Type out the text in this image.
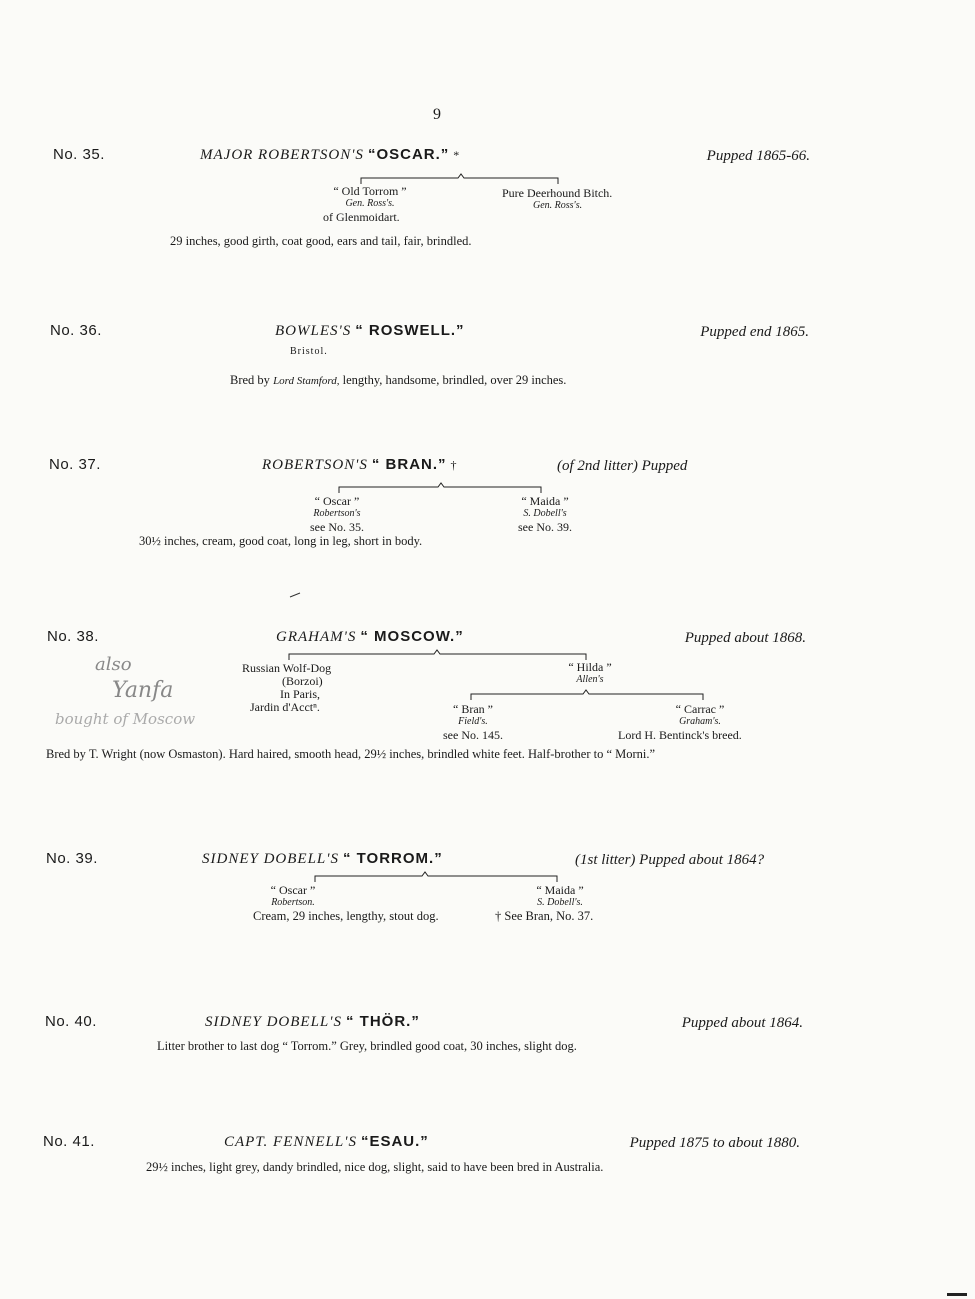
9
No. 35.	MAJOR ROBERTSON'S “OSCAR.” *	Pupped 1865-66.
“ Old Torrom ”
Gen. Ross's.
of Glenmoidart.
Pure Deerhound Bitch.
Gen. Ross's.
29 inches, good girth, coat good, ears and tail, fair, brindled.
No. 36.	BOWLES'S “ ROSWELL.”	Pupped end 1865.
Bristol.
Bred by Lord Stamford, lengthy, handsome, brindled, over 29 inches.
No. 37.	ROBERTSON'S “ BRAN.” †	(of 2nd litter) Pupped
“ Oscar ”
Robertson's
see No. 35.
“ Maida ”
S. Dobell's
see No. 39.
30½ inches, cream, good coat, long in leg, short in body.
No. 38.	GRAHAM'S “ MOSCOW.”	Pupped about 1868.
Russian Wolf-Dog
(Borzoi)
In Paris,
Jardin d'Acctⁿ.
“ Hilda ”
Allen's
“ Bran ”
Field's.
see No. 145.
“ Carrac ”
Graham's.
Lord H. Bentinck's breed.
Bred by T. Wright (now Osmaston). Hard haired, smooth head, 29½ inches, brindled white feet. Half-brother to “ Morni.”
also
Yanfa
bought of Moscow
No. 39.	SIDNEY DOBELL'S “ TORROM.”	(1st litter) Pupped about 1864?
“ Oscar ”
Robertson.
“ Maida ”
S. Dobell's.
Cream, 29 inches, lengthy, stout dog.	† See Bran, No. 37.
No. 40.	SIDNEY DOBELL'S “ THÖR.”	Pupped about 1864.
Litter brother to last dog “ Torrom.” Grey, brindled good coat, 30 inches, slight dog.
No. 41.	CAPT. FENNELL'S “ESAU.”	Pupped 1875 to about 1880.
29½ inches, light grey, dandy brindled, nice dog, slight, said to have been bred in Australia.
